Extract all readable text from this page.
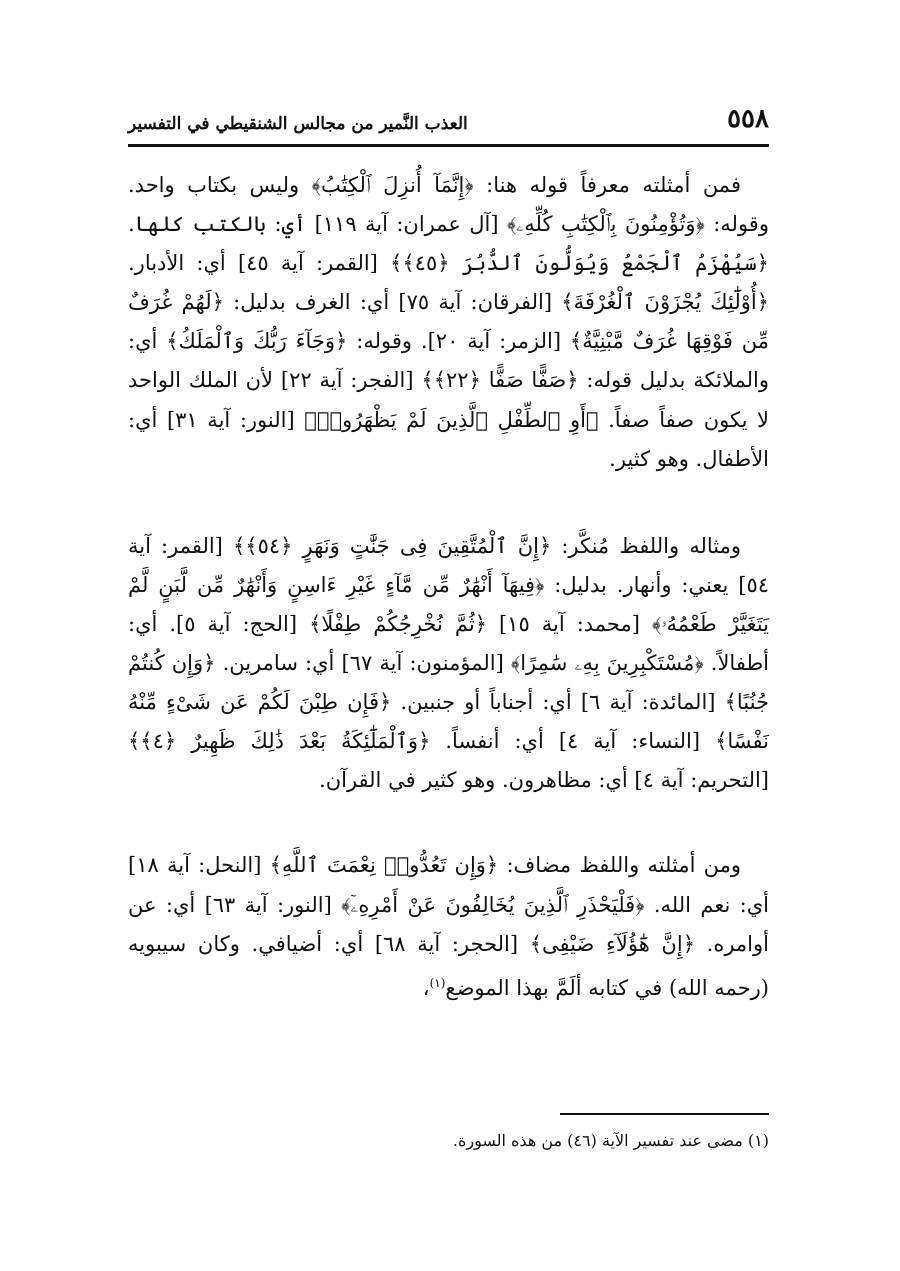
٥٥٨
العذب النَّمير من مجالس الشنقيطي في التفسير

فمن أمثلته معرفاً قوله هنا: ﴿إِنَّمَآ أُنزِلَ ٱلْكِتَٰبُ﴾ وليس بكتاب واحد. وقوله: ﴿وَتُؤْمِنُونَ بِٱلْكِتَٰبِ كُلِّهِۦ﴾ [آل عمران: آية ١١٩] أي: بالكتب كلها. ﴿سَيُهْزَمُ ٱلْجَمْعُ وَيُوَلُّونَ ٱلدُّبُرَ ﴿٤٥﴾﴾ [القمر: آية ٤٥] أي: الأدبار. ﴿أُوْلَٰٓئِكَ يُجْزَوْنَ ٱلْغُرْفَةَ﴾ [الفرقان: آية ٧٥] أي: الغرف بدليل: ﴿لَهُمْ غُرَفٌ مِّن فَوْقِهَا غُرَفٌ مَّبْنِيَّةٌ﴾ [الزمر: آية ٢٠]. وقوله: ﴿وَجَآءَ رَبُّكَ وَٱلْمَلَكُ﴾ أي: والملائكة بدليل قوله: ﴿صَفًّا صَفًّا ﴿٢٢﴾﴾ [الفجر: آية ٢٢] لأن الملك الواحد لا يكون صفاً صفاً. ﴿أَوِ ٱلطِّفْلِ ٱلَّذِينَ لَمْ يَظْهَرُوا۟﴾ [النور: آية ٣١] أي: الأطفال. وهو كثير.

ومثاله واللفظ مُنكَّر: ﴿إِنَّ ٱلْمُتَّقِينَ فِى جَنَّٰتٍ وَنَهَرٍ ﴿٥٤﴾﴾ [القمر: آية ٥٤] يعني: وأنهار. بدليل: ﴿فِيهَآ أَنْهَٰرٌ مِّن مَّآءٍ غَيْرِ ءَاسِنٍ وَأَنْهَٰرٌ مِّن لَّبَنٍ لَّمْ يَتَغَيَّرْ طَعْمُهُۥ﴾ [محمد: آية ١٥] ﴿ثُمَّ نُخْرِجُكُمْ طِفْلًا﴾ [الحج: آية ٥]. أي: أطفالاً. ﴿مُسْتَكْبِرِينَ بِهِۦ سَٰمِرًا﴾ [المؤمنون: آية ٦٧] أي: سامرين. ﴿وَإِن كُنتُمْ جُنُبًا﴾ [المائدة: آية ٦] أي: أجناباً أو جنبين. ﴿فَإِن طِبْنَ لَكُمْ عَن شَىْءٍ مِّنْهُ نَفْسًا﴾ [النساء: آية ٤] أي: أنفساً. ﴿وَٱلْمَلَٰٓئِكَةُ بَعْدَ ذَٰلِكَ ظَهِيرٌ ﴿٤﴾﴾ [التحريم: آية ٤] أي: مظاهرون. وهو كثير في القرآن.

ومن أمثلته واللفظ مضاف: ﴿وَإِن تَعُدُّوا۟ نِعْمَتَ ٱللَّهِ﴾ [النحل: آية ١٨] أي: نعم الله. ﴿فَلْيَحْذَرِ ٱلَّذِينَ يُخَالِفُونَ عَنْ أَمْرِهِۦٓ﴾ [النور: آية ٦٣] أي: عن أوامره. ﴿إِنَّ هَٰٓؤُلَآءِ ضَيْفِى﴾ [الحجر: آية ٦٨] أي: أضيافي. وكان سيبويه (رحمه الله) في كتابه ألَمَّ بهذا الموضع$^{(١)}$،

(١) مضى عند تفسير الآية (٤٦) من هذه السورة.
